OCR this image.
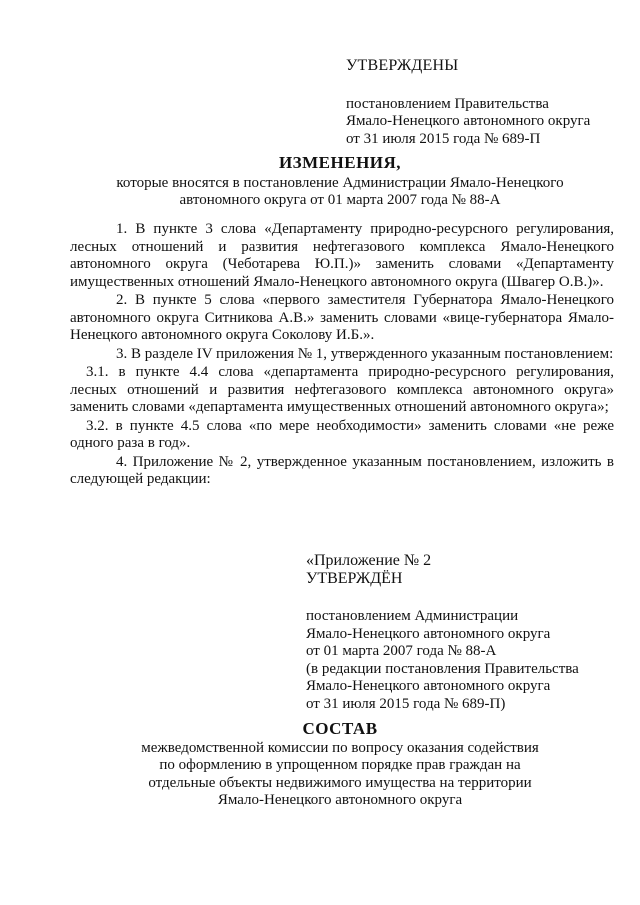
УТВЕРЖДЕНЫ
постановлением Правительства
Ямало-Ненецкого автономного округа
от 31 июля 2015 года № 689-П
ИЗМЕНЕНИЯ,
которые вносятся в постановление Администрации Ямало-Ненецкого
автономного округа от 01 марта 2007 года № 88-А

1. В пункте 3 слова «Департаменту природно-ресурсного регулирования, лесных отношений и развития нефтегазового комплекса Ямало-Ненецкого автономного округа (Чеботарева Ю.П.)» заменить словами «Департаменту имущественных отношений Ямало-Ненецкого автономного округа (Швагер О.В.)».

2. В пункте 5 слова «первого заместителя Губернатора Ямало-Ненецкого автономного округа Ситникова А.В.» заменить словами «вице-губернатора Ямало-Ненецкого автономного округа Соколову И.Б.».

3. В разделе IV приложения № 1, утвержденного указанным постановлением:

3.1. в пункте 4.4 слова «департамента природно-ресурсного регулирования, лесных отношений и развития нефтегазового комплекса автономного округа» заменить словами «департамента имущественных отношений автономного округа»;

3.2. в пункте 4.5 слова «по мере необходимости» заменить словами «не реже одного раза в год».

4. Приложение № 2, утвержденное указанным постановлением, изложить в следующей редакции:

«Приложение № 2
УТВЕРЖДЁН
постановлением Администрации
Ямало-Ненецкого автономного округа
от 01 марта 2007 года № 88-А
(в редакции постановления Правительства
Ямало-Ненецкого автономного округа
от 31 июля 2015 года № 689-П)
СОСТАВ
межведомственной комиссии по вопросу оказания содействия
по оформлению в упрощенном порядке прав граждан на
отдельные объекты недвижимого имущества на территории
Ямало-Ненецкого автономного округа
